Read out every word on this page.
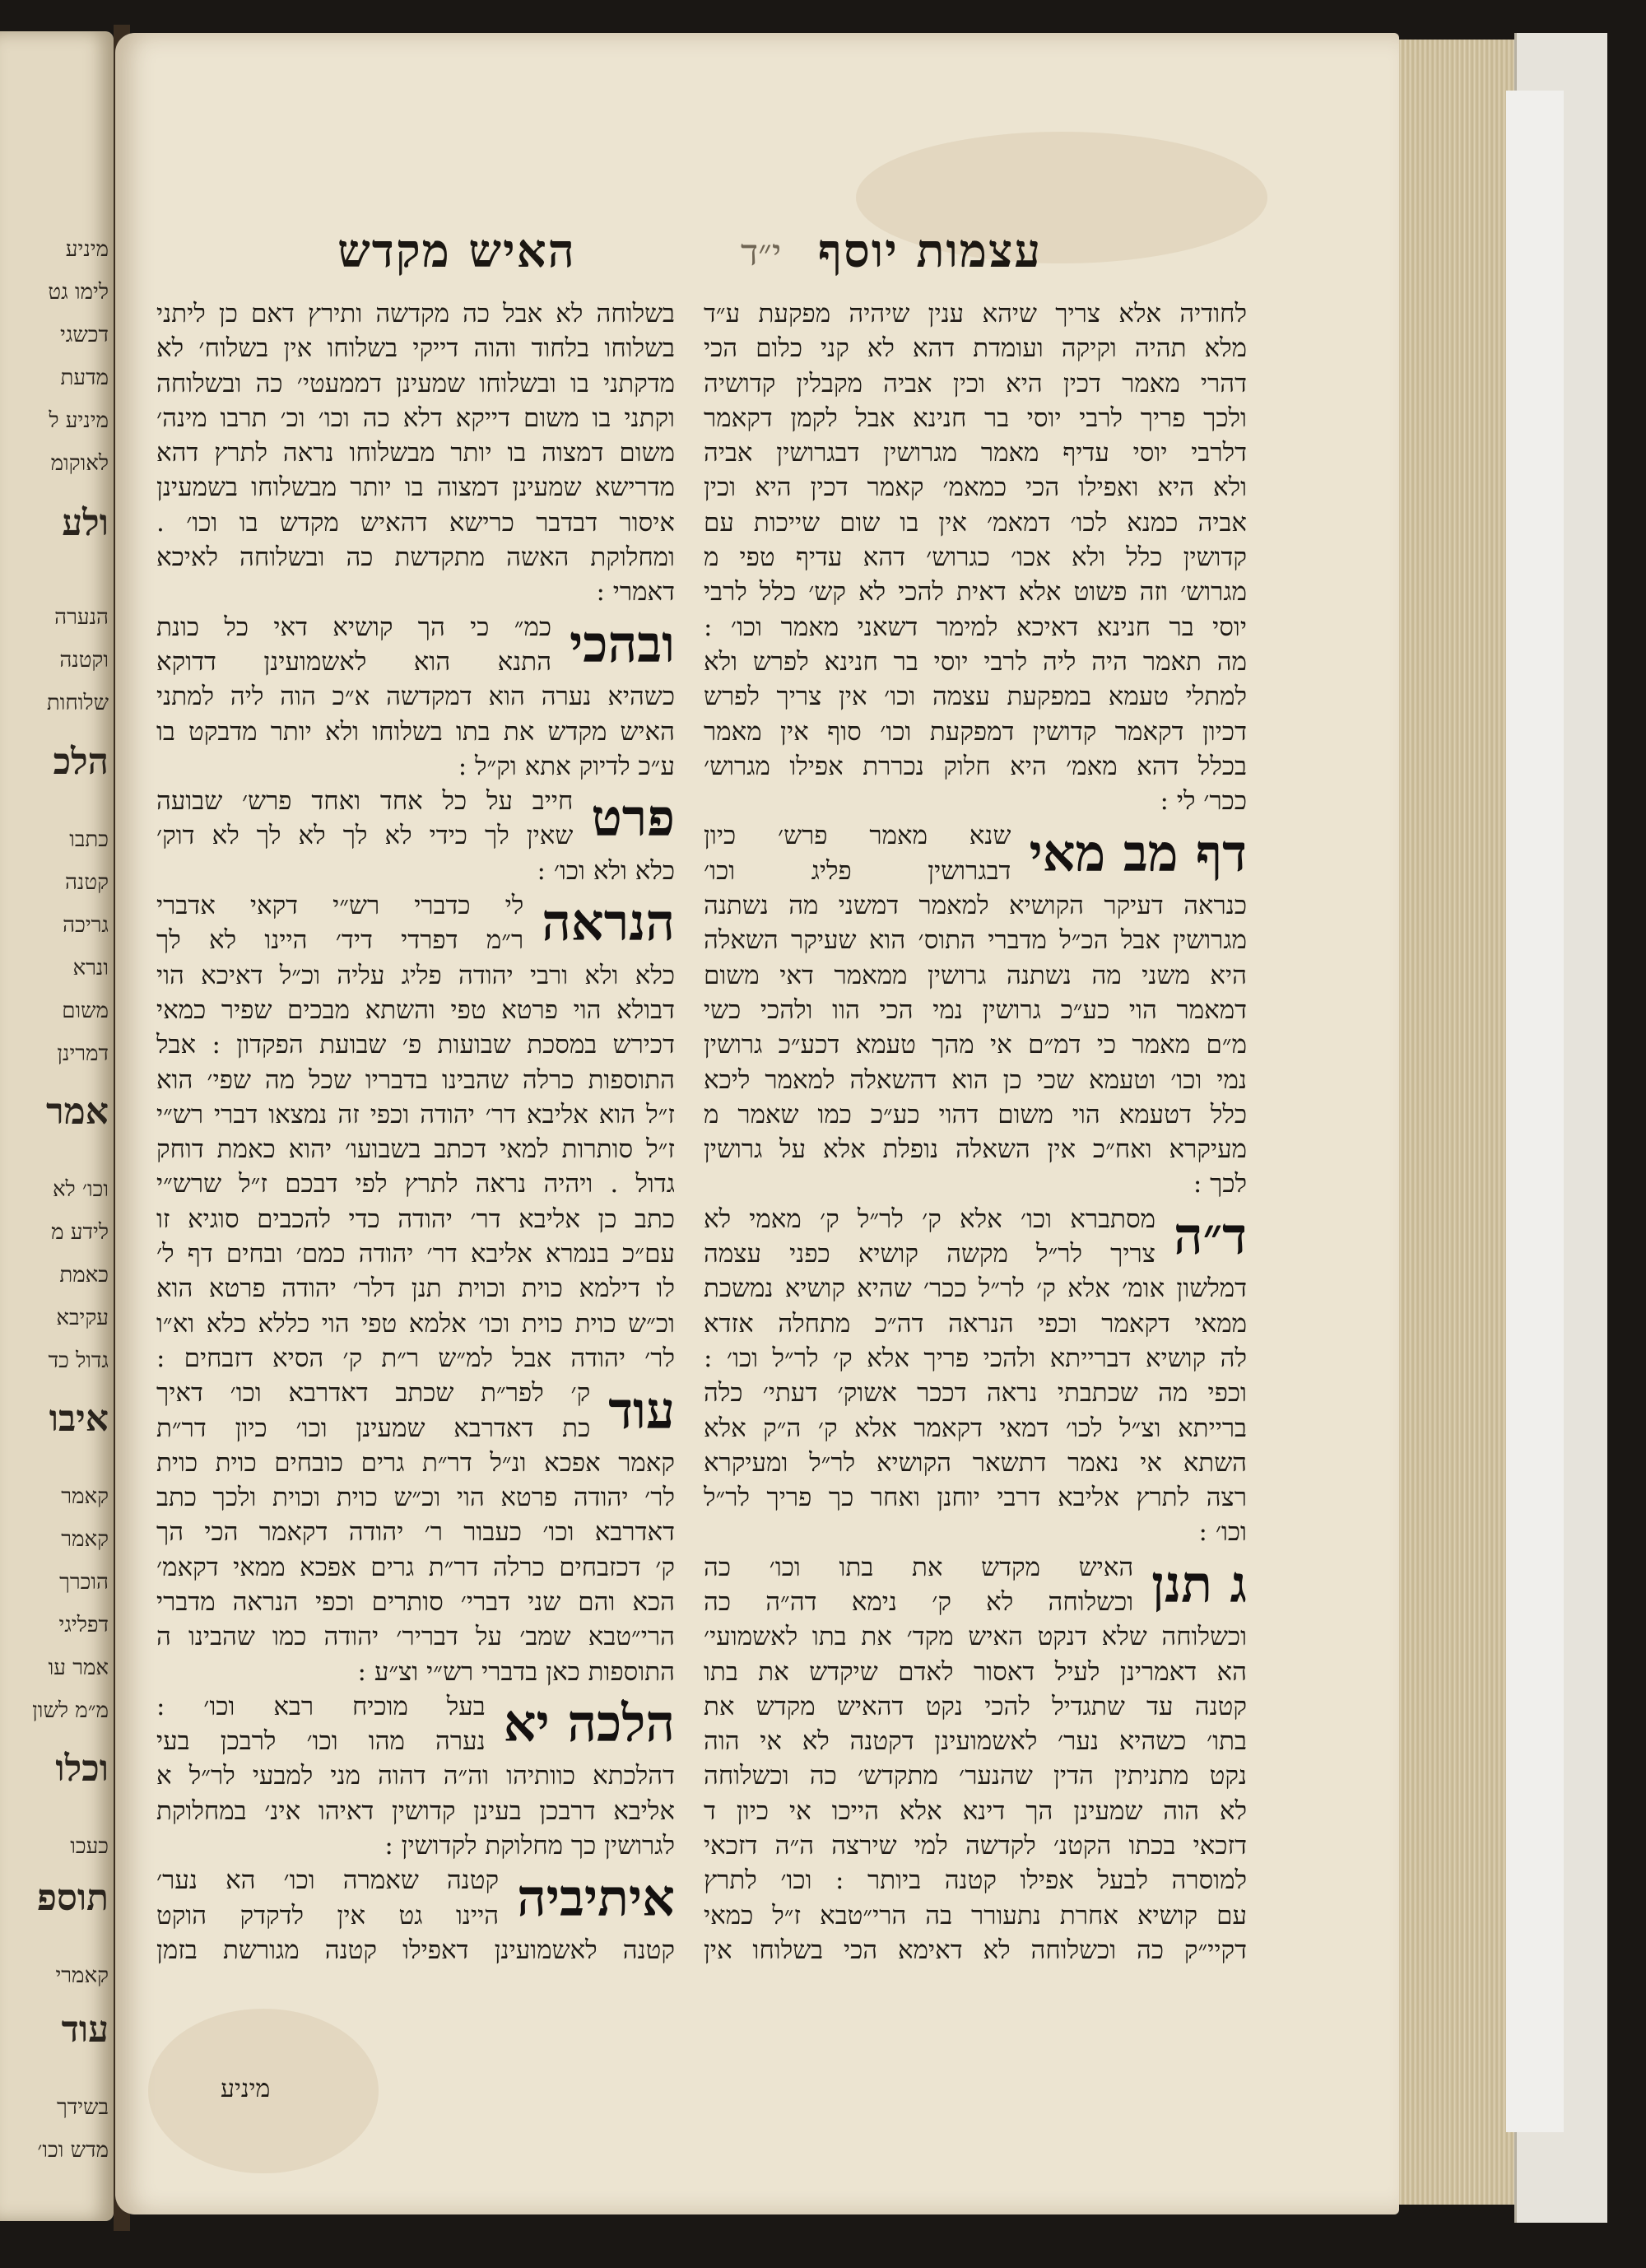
מיניע
לימו גט
דכשגי
מדעת
מיניע ל
לאוקומ
ולע
הנערה
וקטנה
שלוחות
הלכ
כתבו
קטנה
גריכה
ונרא
משום
דמרינן
אמר
וכו׳ לא
לידע מ
כאמת
עקיבא
גדול כד
איבו
קאמר
קאמר
הוכרך
דפליגי
אמר עו
מ״מ לשון
וכלו
כעכו
תוספ
קאמרי
עוד
בשידך
מדש וכו׳
י״ד עצמות יוסף
האיש מקדש
לחודיה אלא צריך שיהא ענין שיהיה מפקעת ע״ד
מלא תהיה וקיקה ועומדת דהא לא קני כלום הכי
דהרי מאמר דכין היא וכין אביה מקבלין קדושיה
ולכך פריך לרבי יוסי בר חנינא אבל לקמן דקאמר
דלרבי יוסי עדיף מאמר מגרושין דבגרושין אביה
ולא היא ואפילו הכי כמאמ׳ קאמר דכין היא וכין
אביה כמנא לכו׳ דמאמ׳ אין בו שום שייכות עם
קדושין כלל ולא אכו׳ כגרוש׳ דהא עדיף טפי מ
מגרוש׳ וזה פשוט אלא דאית להכי לא קש׳ כלל לרבי
יוסי בר חנינא דאיכא למימר דשאני מאמר וכו׳ :
מה תאמר היה ליה לרבי יוסי בר חנינא לפרש ולא
למתלי טעמא במפקעת עצמה וכו׳ אין צריך לפרש
דכיון דקאמר קדושין דמפקעת וכו׳ סוף אין מאמר
בכלל דהא מאמ׳ היא חלוק נכררת אפילו מגרוש׳
ככר׳ לי :
דף מב מאי
שנא מאמר פרש׳ כיון
דבגרושין פליג וכו׳
כנראה דעיקר הקושיא למאמר דמשני מה נשתנה
מגרושין אבל הכ״ל מדברי התוס׳ הוא שעיקר השאלה
היא משני מה נשתנה גרושין ממאמר דאי משום
דמאמר הוי כע״כ גרושין נמי הכי הוו ולהכי כשי
מ״ם מאמר כי דמ״ם אי מהך טעמא דכע״כ גרושין
נמי וכו׳ וטעמא שכי כן הוא דהשאלה למאמר ליכא
כלל דטעמא הוי משום דהוי כע״כ כמו שאמר מ
מעיקרא ואח״כ אין השאלה נופלת אלא על גרושין
לכך :
ד״ה
מסתברא וכו׳ אלא ק׳ לר״ל ק׳ מאמי לא
צריך לר״ל מקשה קושיא כפני עצמה
דמלשון אומ׳ אלא ק׳ לר״ל ככר׳ שהיא קושיא נמשכת
ממאי דקאמר וכפי הנראה דה״כ מתחלה אזדא
לה קושיא דברייתא ולהכי פריך אלא ק׳ לר״ל וכו׳ :
וכפי מה שכתבתי נראה דככר אשוק׳ דעתי׳ כלה
ברייתא וצ״ל לכו׳ דמאי דקאמר אלא ק׳ ה״ק אלא
השתא אי נאמר דתשאר הקושיא לר״ל ומעיקרא
רצה לתרץ אליבא דרבי יוחנן ואחר כך פריך לר״ל
וכו׳ :
ג תנן
האיש מקדש את בתו וכו׳ כה
וכשלוחה לא ק׳ נימא דה״ה כה
וכשלוחה שלא דנקט האיש מקד׳ את בתו לאשמועי׳
הא דאמרינן לעיל דאסור לאדם שיקדש את בתו
קטנה עד שתגדיל להכי נקט דהאיש מקדש את
בתו׳ כשהיא נער׳ לאשמועינן דקטנה לא אי הוה
נקט מתניתין הדין שהנער׳ מתקדש׳ כה וכשלוחה
לא הוה שמעינן הך דינא אלא הייכו אי כיון ד
דזכאי בכתו הקטנ׳ לקדשה למי שירצה ה״ה דזכאי
למוסרה לבעל אפילו קטנה ביותר : וכו׳ לתרץ
עם קושיא אחרת נתעורר בה הרי״טבא ז״ל כמאי
דקיי״ק כה וכשלוחה לא דאימא הכי בשלוחו אין
בשלוחה לא אבל כה מקדשה ותירץ דאם כן ליתני
בשלוחו בלחוד והוה דייקי בשלוחו אין בשלוח׳ לא
מדקתני בו ובשלוחו שמעינן דממעטי׳ כה ובשלוחה
וקתני בו משום דייקא דלא כה וכו׳ וכ׳ תרבו מינה׳
משום דמצוה בו יותר מבשלוחו נראה לתרץ דהא
מדרישא שמעינן דמצוה בו יותר מבשלוחו בשמעינן
איסור דבדבר כרישא דהאיש מקדש בו וכו׳ .
ומחלוקת האשה מתקדשת כה ובשלוחה לאיכא
דאמרי :
ובהכי
כמ״ כי הך קושיא דאי כל כונת
התנא הוא לאשמועינן דדוקא
כשהיא נערה הוא דמקדשה א״כ הוה ליה למתני
האיש מקדש את בתו בשלוחו ולא יותר מדבקט בו
ע״כ לדיוק אתא וק״ל :
פרט
חייב על כל אחד ואחד פרש׳ שבועה
שאין לך כידי לא לך לא לך לא דוק׳
כלא ולא וכו׳ :
הנראה
לי כדברי רש״י דקאי אדברי
ר״מ דפרדי דיד׳ היינו לא לך
כלא ולא ורבי יהודה פליג עליה וכ״ל דאיכא הוי
דבולא הוי פרטא טפי והשתא מבכים שפיר כמאי
דכירש במסכת שבועות פ׳ שבועת הפקדון : אבל
התוספות כרלה שהבינו בדבריו שכל מה שפי׳ הוא
ז״ל הוא אליבא דר׳ יהודה וכפי זה נמצאו דברי רש״י
ז״ל סותרות למאי דכתב בשבועו׳ יהוא כאמת דוחק
גדול . ויהיה נראה לתרץ לפי דבכם ז״ל שרש״י
כתב כן אליבא דר׳ יהודה כדי להכבים סוגיא זו
עם״כ בנמרא אליבא דר׳ יהודה כמם׳ ובחים דף ל׳
לו דילמא כוית וכוית תנן דלר׳ יהודה פרטא הוא
וכ״ש כוית כוית וכו׳ אלמא טפי הוי כללא כלא וא״ו
לר׳ יהודה אבל למ״ש ר״ת ק׳ הסיא דזבחים :
עוד
ק׳ לפר״ת שכתב דאדרבא וכו׳ דאיך
כת דאדרבא שמעינן וכו׳ כיון דר״ת
קאמר אפכא ונ״ל דר״ת גרים כובחים כוית כוית
לר׳ יהודה פרטא הוי וכ״ש כוית וכוית ולכך כתב
דאדרבא וכו׳ כעבור ר׳ יהודה דקאמר הכי הך
ק׳ דכזבחים כרלה דר״ת גרים אפכא ממאי דקאמ׳
הכא והם שני דברי׳ סותרים וכפי הנראה מדברי
הרי״טבא שמב׳ על דבריר׳ יהודה כמו שהבינו ה
התוספות כאן בדברי רש״י וצ״ע :
הלכה יא
בעל מוכיח רבא וכו׳ :
נערה מהו וכו׳ לרבכן בעי
דהלכתא כוותיהו וה״ה דהוה מני למבעי לר״ל א
אליבא דרבכן בעינן קדושין דאיהו אינ׳ במחלוקת
לגרושין כך מחלוקת לקדושין :
איתיביה
קטנה שאמרה וכו׳ הא נער׳
היינו גט אין לדקדק הוקט
קטנה לאשמועינן דאפילו קטנה מגורשת בזמן
מיניע
